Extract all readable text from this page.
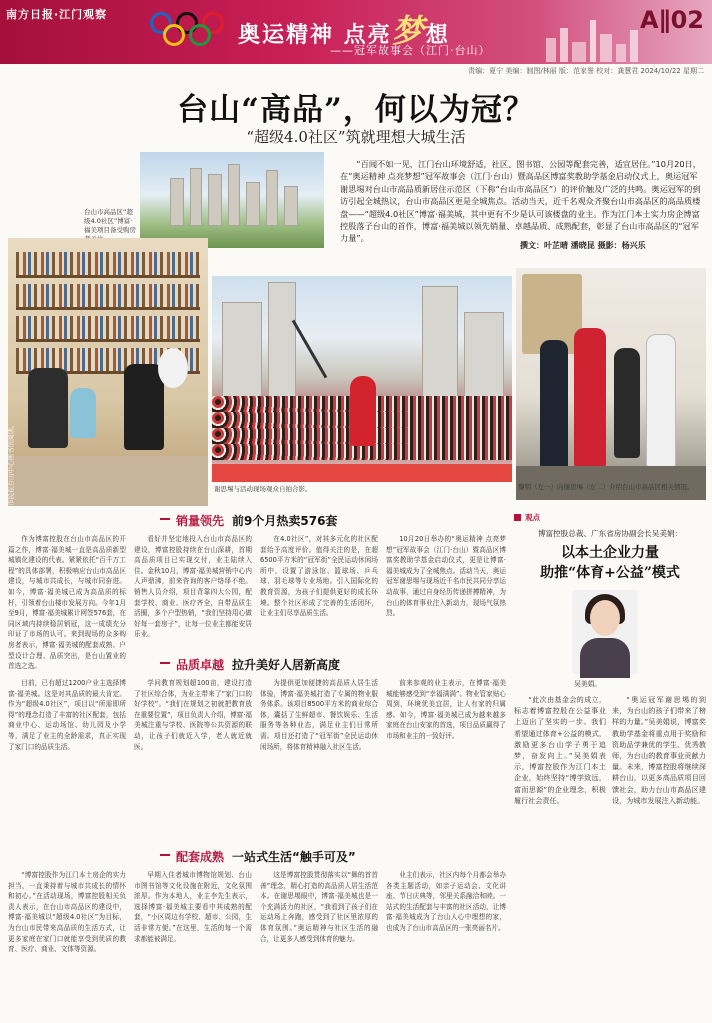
南方日报·江门观察
奥运精神 点亮梦想
——冠军故事会（江门·台山）
A∥02
责编：夏宁 美编：制图/林丽 版：范家誉 校对：龚慧君 2024/10/22 星期二
台山“高品”，何以为冠？
“超级4.0社区”筑就理想大城生活
台山市高品区“超级4.0社区”博富·福美项目备受购房
“百闻不如一见，江门台山环境舒适，社区、图书馆、公园等配套完善，适宜居住。”10月20日，在“奥运精神 点亮梦想”冠军故事会（江门·台山）暨高品区博富奖教助学基金启动仪式上，奥运冠军谢思埸对台山市高品质新居住示范区（下称“台山市高品区”）的评价触及广泛的共鸣。奥运冠军的到访引起全城热议，台山市高品区更是全城焦点。活动当天，近千名观众齐聚台山市高品区的高品质楼盘——“超级4.0社区”博富·福美城，其中更有不少是认可该楼盘的业主。作为江门本土实力房企博富控股落子台山的首作，博富·福美城以领先销量、卓越品质、成熟配套，彰显了台山市高品区的“冠军力量”。
撰文：叶芷晴 潘晓昆 摄影：杨兴乐
市民在台山中心图书馆阅读。	谢思埸与活动现场观众自拍合影。	黎明（左一）向谢思埸（左二）介绍台山市高品区相关情况。
销量领先 前9个月热卖576套
作为博富控股在台山市高品区的开篇之作，博富·福美城一直是高品质新型城镇化建设的代表。紧紧依托“百千万工程”的具体部署，积极响应台山市高品区建设，与城市共成长，与城市同奋进。如今，博富·福美城已成为高品质的标杆，引领着台山楼市发展方向。今年1月至9月，博富·福美城累计网签576套，在同区域内持续稳居销冠，这一成绩充分印证了市场的认可。来到现场的众多购房者表示，博富·福美城的配套成熟、户型设计合理、品质突出，是台山置业的首选之选。
看好并坚定地投入台山市高品区的建设，博富控股持续在台山深耕，首期高品质项目已实现交付，业主陆续入住。金秋10月，博富·福美城营销中心内人声鼎沸，前来咨询的客户络绎不绝。销售人员介绍，项目背靠四大公园，配套学校、商业、医疗齐全，自带品质生活圈，多个户型热销，“我们坚持用心做好每一套房子”，让每一位业主都能安居乐业。
在4.0社区”，对其多元化的社区配套给予高度评价。值得关注的是，在超6500平方米的“冠军街”全民运动休闲场所中，设置了游泳馆、篮球场、乒乓球、羽毛球等专业场地。引入国际化的教育资源，为孩子们提供更好的成长环境。整个社区形成了完善的生活闭环，让业主们尽享品质生活。
10月20日举办的“奥运精神 点亮梦想”冠军故事会（江门·台山）暨高品区博富奖教助学基金启动仪式，更是让博富·福美城成为了全城焦点。活动当天，奥运冠军谢思埸与现场近千名市民共同分享运动故事，通过自身经历传递拼搏精神，为台山的体育事业注入新动力，现场气氛热烈。
品质卓越 拉升美好人居新高度
目前，已有超过1200户业主选择博富·福美城。这是对其品质的最大肯定。作为“超级4.0社区”，项目以“所需即所得”的理念打造了丰富的社区配套，包括商业中心、运动场馆、幼儿园及小学等，满足了业主的全龄需求，真正实现了家门口的品质生活。
学问教育规划超100亩，建设打造了社区综合体，为业主带来了“家门口的好学校”。“我们在规划之初就把教育放在重要位置”，项目负责人介绍，博富·福美城注重与学校、医院等公共资源的联动，让孩子们就近入学，老人就近就医。
为提供更加便捷的高品质人居生活体验，博富·福美城打造了专属的物业服务体系。该项目8500平方米的商业综合体，囊括了生鲜超市、餐饮娱乐、生活服务等各种业态，满足业主们日常所需。项目还打造了“冠军街”全民运动休闲场所，将体育精神融入社区生活。
前来参观的业主表示，在博富·福美城能够感受到“幸福满满”。物业管家贴心周到，环境优美宜居，让人有家的归属感。如今，博富·福美城已成为越来越多家庭在台山安家的首选，项目品质赢得了市场和业主的一致好评。
配套成熟 一站式生活“触手可及”
“博富控股作为江门本土房企的实力担当，一直秉持着与城市共成长的情怀和初心。”在活动现场，博富控股相关负责人表示，在台山市高品区的建设中，博富·福美城以“超级4.0社区”为目标，为台山市民带来高品质的生活方式，让更多家庭在家门口就能享受到优质的教育、医疗、商业、文体等资源。
早期入住者城市博物馆规划、台山市图书馆等文化设施在附近，文化氛围浓厚。作为本地人，业主李先生表示，选择博富·福美城主要看中其成熟的配套，“小区周边有学校、超市、公园，生活非常方便。”在这里，生活的每一个需求都能被满足。
这是博富控股贯彻落实以“舞的首首善”理念，精心打造的高品质人居生活范本。在谢思埸眼中，博富·福美城也是一个充满活力的社区，“我看到了孩子们在运动场上奔跑，感受到了社区里浓厚的体育氛围。”奥运精神与社区生活的融合，让更多人感受到体育的魅力。
业主们表示，社区内每个月都会举办各类主题活动，如亲子运动会、文化讲座、节日庆典等，邻里关系融洽和睦。一站式的生活配套与丰富的社区活动，让博富·福美城成为了台山人心中理想的家，也成为了台山市高品区的一张亮丽名片。
观点
博富控股总裁、广东省房协副会长吴美娟：
以本土企业力量
助推“体育+公益”模式
吴美娟。
“此次由基金会的成立，标志着博富控股在公益事业上迈出了坚实的一步。我们希望通过体育+公益的模式，激励更多台山学子勇于追梦，奋发向上。”吴美娟表示，博富控股作为江门本土企业，始终坚持“博学致远，富而思源”的企业理念，积极履行社会责任。
“奥运冠军谢思埸的到来，为台山的孩子们带来了榜样的力量。”吴美娟说，博富奖教助学基金将重点用于奖励和资助品学兼优的学生、优秀教师，为台山的教育事业贡献力量。未来，博富控股将继续深耕台山，以更多高品质项目回馈社会，助力台山市高品区建设，为城市发展注入新动能。
